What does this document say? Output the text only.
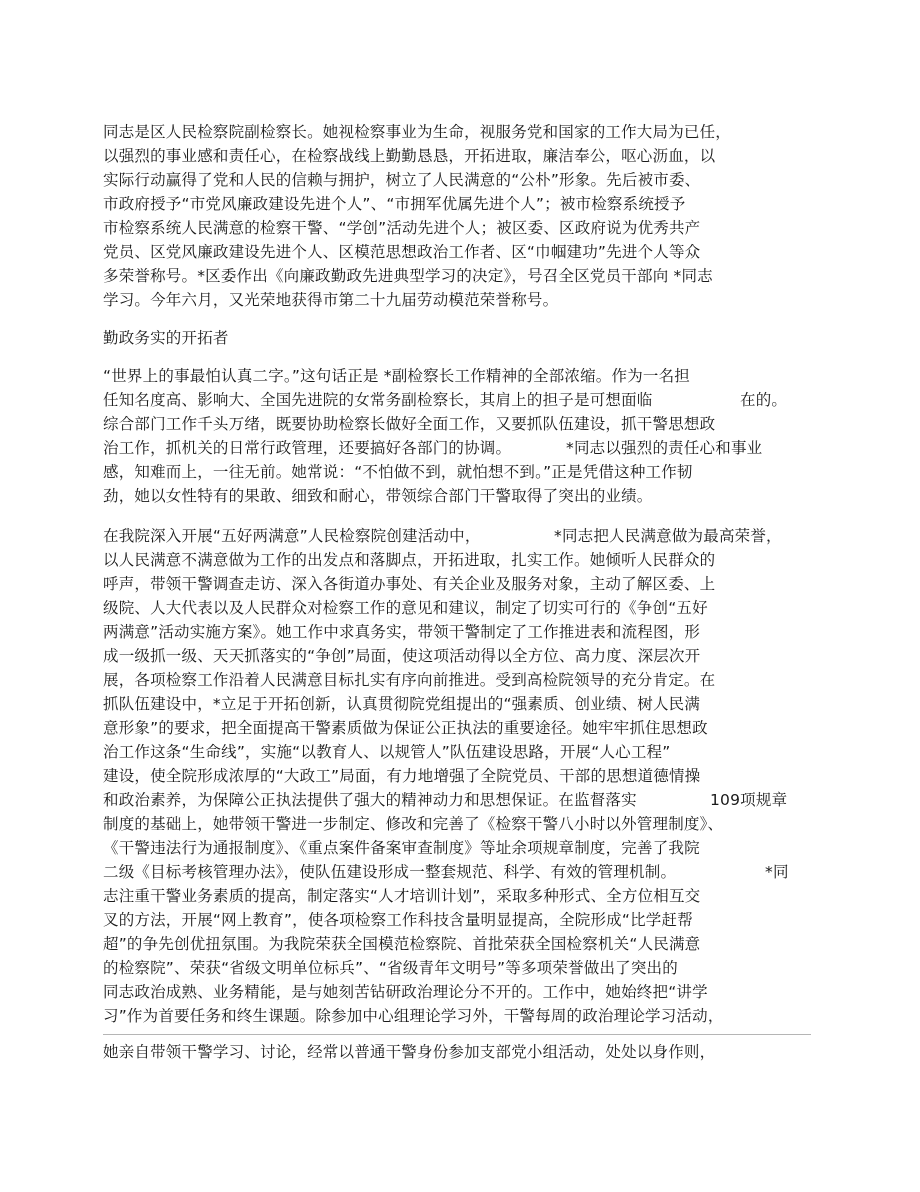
同志是区人民检察院副检察长。她视检察事业为生命，视服务党和国家的工作大局为已任，
以强烈的事业感和责任心，在检察战线上勤勤恳恳，开拓进取，廉洁奉公，呕心沥血，以
实际行动赢得了党和人民的信赖与拥护，树立了人民满意的“公朴”形象。先后被市委、
市政府授予“市党风廉政建设先进个人”、“市拥军优属先进个人”；被市检察系统授予
市检察系统人民满意的检察干警、“学创”活动先进个人；被区委、区政府说为优秀共产
党员、区党风廉政建设先进个人、区模范思想政治工作者、区“巾帼建功”先进个人等众
多荣誉称号。*区委作出《向廉政勤政先进典型学习的决定》，号召全区党员干部向 *同志
学习。今年六月，又光荣地获得市第二十九届劳动模范荣誉称号。
勤政务实的开拓者
“世界上的事最怕认真二字。”这句话正是 *副检察长工作精神的全部浓缩。作为一名担
任知名度高、影响大、全国先进院的女常务副检察长，其肩上的担子是可想面临	在的。
综合部门工作千头万绪，既要协助检察长做好全面工作，又要抓队伍建设，抓干警思想政
治工作，抓机关的日常行政管理，还要搞好各部门的协调。	*同志以强烈的责任心和事业
感，知难而上，一往无前。她常说：“不怕做不到，就怕想不到。”正是凭借这种工作韧
劲，她以女性特有的果敢、细致和耐心，带领综合部门干警取得了突出的业绩。
在我院深入开展“五好两满意”人民检察院创建活动中，	*同志把人民满意做为最高荣誉，
以人民满意不满意做为工作的出发点和落脚点，开拓进取，扎实工作。她倾听人民群众的
呼声，带领干警调查走访、深入各街道办事处、有关企业及服务对象，主动了解区委、上
级院、人大代表以及人民群众对检察工作的意见和建议，制定了切实可行的《争创“五好
两满意”活动实施方案》。她工作中求真务实，带领干警制定了工作推进表和流程图，形
成一级抓一级、天天抓落实的“争创”局面，使这项活动得以全方位、高力度、深层次开
展，各项检察工作沿着人民满意目标扎实有序向前推进。受到高检院领导的充分肯定。在
抓队伍建设中，*立足于开拓创新，认真贯彻院党组提出的“强素质、创业绩、树人民满
意形象”的要求，把全面提高干警素质做为保证公正执法的重要途径。她牢牢抓住思想政
治工作这条“生命线”，实施“以教育人、以规管人”队伍建设思路，开展“人心工程”
建设，使全院形成浓厚的“大政工”局面，有力地增强了全院党员、干部的思想道德情操
和政治素养，为保障公正执法提供了强大的精神动力和思想保证。在监督落实	109项规章
制度的基础上，她带领干警进一步制定、修改和完善了《检察干警八小时以外管理制度》、
《干警违法行为通报制度》、《重点案件备案审查制度》等址余项规章制度，完善了我院
二级《目标考核管理办法》，使队伍建设形成一整套规范、科学、有效的管理机制。	*同
志注重干警业务素质的提高，制定落实“人才培训计划”，采取多种形式、全方位相互交
叉的方法，开展“网上教育”，使各项检察工作科技含量明显提高，全院形成“比学赶帮
超”的争先创优扭氛围。为我院荣获全国模范检察院、首批荣获全国检察机关“人民满意
的检察院”、荣获“省级文明单位标兵”、“省级青年文明号”等多项荣誉做出了突出的
同志政治成熟、业务精能，是与她刻苦钻研政治理论分不开的。工作中，她始终把“讲学
习”作为首要任务和终生课题。除参加中心组理论学习外，干警每周的政治理论学习活动，
她亲自带领干警学习、讨论，经常以普通干警身份参加支部党小组活动，处处以身作则，
